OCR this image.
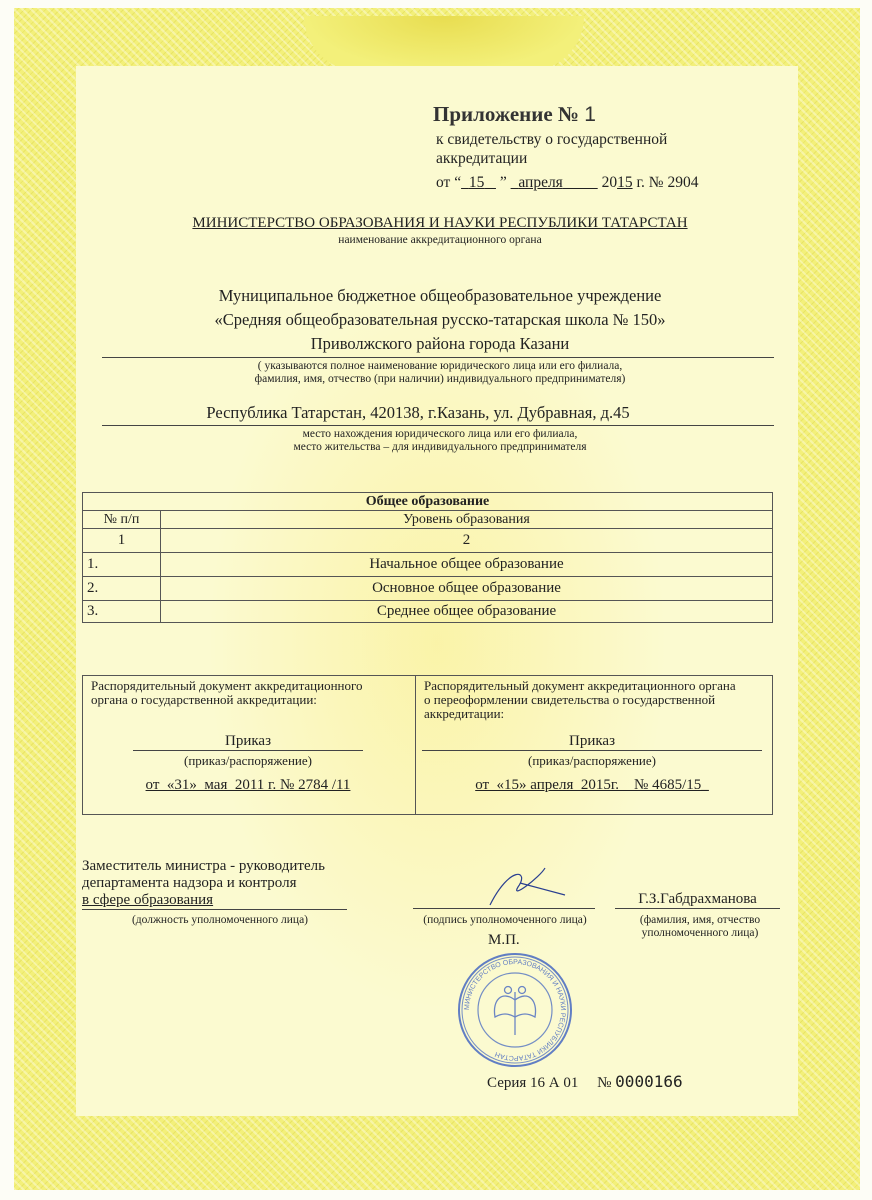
Приложение № 1
к свидетельству о государственной
аккредитации
от “ 15 ” апреля	2015 г. № 2904
МИНИСТЕРСТВО ОБРАЗОВАНИЯ И НАУКИ РЕСПУБЛИКИ ТАТАРСТАН
наименование аккредитационного органа
Муниципальное бюджетное общеобразовательное учреждение
«Средняя общеобразовательная русско-татарская школа № 150»
Приволжского района города Казани
( указываются полное наименование юридического лица или его филиала,
фамилия, имя, отчество (при наличии) индивидуального предпринимателя)
Республика Татарстан, 420138, г.Казань, ул. Дубравная, д.45
место нахождения юридического лица или его филиала,
место жительства – для индивидуального предпринимателя
Общее образование	
№ п/п	Уровень образования
1	2
1.	Начальное общее образование
2.	Основное общее образование
3.	Среднее общее образование
Распорядительный документ аккредитационного органа о государственной аккредитации:
Приказ
(приказ/распоряжение)
от  «31»  мая  2011 г. № 2784 /11

Распорядительный документ аккредитационного органа о переоформлении свидетельства о государственной аккредитации:
Приказ
(приказ/распоряжение)
от  «15» апреля  2015г.    № 4685/15_
Заместитель министра - руководитель
департамента надзора и контроля
в сфере образования
(должность уполномоченного лица)
МИНИСТЕРСТВО ОБРАЗОВАНИЯ И НАУКИ РЕСПУБЛИКИ ТАТАРСТАН
(подпись уполномоченного лица)
Г.З.Габдрахманова
(фамилия, имя, отчество
уполномоченного лица)
М.П.
Серия 16 А 01 № 0000166
